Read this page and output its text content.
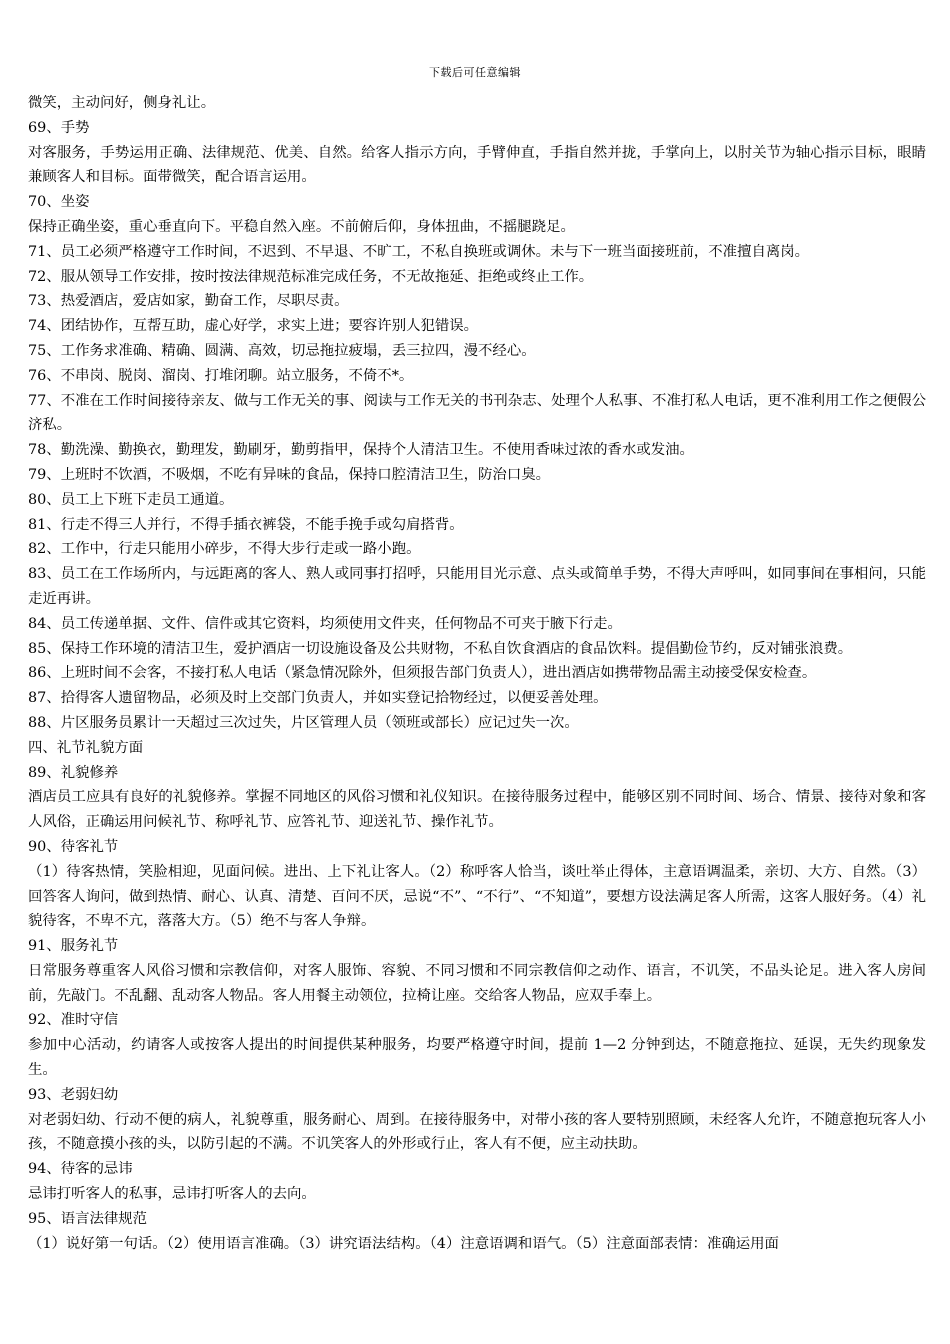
下载后可任意编辑

微笑，主动问好，侧身礼让。

69、手势

对客服务，手势运用正确、法律规范、优美、自然。给客人指示方向，手臂伸直，手指自然并拢，手掌向上，以肘关节为轴心指示目标，眼睛兼顾客人和目标。面带微笑，配合语言运用。

70、坐姿

保持正确坐姿，重心垂直向下。平稳自然入座。不前俯后仰，身体扭曲，不摇腿跷足。

71、员工必须严格遵守工作时间，不迟到、不早退、不旷工，不私自换班或调休。未与下一班当面接班前，不准擅自离岗。

72、服从领导工作安排，按时按法律规范标准完成任务，不无故拖延、拒绝或终止工作。

73、热爱酒店，爱店如家，勤奋工作，尽职尽责。

74、团结协作，互帮互助，虚心好学，求实上进；要容许别人犯错误。

75、工作务求准确、精确、圆满、高效，切忌拖拉疲塌，丢三拉四，漫不经心。

76、不串岗、脱岗、溜岗、打堆闭聊。站立服务，不倚不*。

77、不准在工作时间接待亲友、做与工作无关的事、阅读与工作无关的书刊杂志、处理个人私事、不准打私人电话，更不准利用工作之便假公济私。

78、勤洗澡、勤换衣，勤理发，勤刷牙，勤剪指甲，保持个人清洁卫生。不使用香味过浓的香水或发油。

79、上班时不饮酒，不吸烟，不吃有异味的食品，保持口腔清洁卫生，防治口臭。

80、员工上下班下走员工通道。

81、行走不得三人并行，不得手插衣裤袋，不能手挽手或勾肩搭背。

82、工作中，行走只能用小碎步，不得大步行走或一路小跑。

83、员工在工作场所内，与远距离的客人、熟人或同事打招呼，只能用目光示意、点头或简单手势，不得大声呼叫，如同事间在事相问，只能走近再讲。

84、员工传递单据、文件、信件或其它资料，均须使用文件夹，任何物品不可夹于腋下行走。

85、保持工作环境的清洁卫生，爱护酒店一切设施设备及公共财物，不私自饮食酒店的食品饮料。提倡勤俭节约，反对铺张浪费。

86、上班时间不会客，不接打私人电话（紧急情况除外，但须报告部门负责人），进出酒店如携带物品需主动接受保安检查。

87、拾得客人遗留物品，必须及时上交部门负责人，并如实登记拾物经过，以便妥善处理。

88、片区服务员累计一天超过三次过失，片区管理人员（领班或部长）应记过失一次。

四、礼节礼貌方面

89、礼貌修养

酒店员工应具有良好的礼貌修养。掌握不同地区的风俗习惯和礼仪知识。在接待服务过程中，能够区别不同时间、场合、情景、接待对象和客人风俗，正确运用问候礼节、称呼礼节、应答礼节、迎送礼节、操作礼节。

90、待客礼节

（1）待客热情，笑脸相迎，见面问候。进出、上下礼让客人。（2）称呼客人恰当，谈吐举止得体，主意语调温柔，亲切、大方、自然。（3）回答客人询问，做到热情、耐心、认真、清楚、百问不厌，忌说“不”、“不行”、“不知道”，要想方设法满足客人所需，这客人服好务。（4）礼貌待客，不卑不亢，落落大方。（5）绝不与客人争辩。

91、服务礼节

日常服务尊重客人风俗习惯和宗教信仰，对客人服饰、容貌、不同习惯和不同宗教信仰之动作、语言，不讥笑，不品头论足。进入客人房间前，先敲门。不乱翻、乱动客人物品。客人用餐主动领位，拉椅让座。交给客人物品，应双手奉上。

92、准时守信

参加中心活动，约请客人或按客人提出的时间提供某种服务，均要严格遵守时间，提前 1—2 分钟到达，不随意拖拉、延误，无失约现象发生。

93、老弱妇幼

对老弱妇幼、行动不便的病人，礼貌尊重，服务耐心、周到。在接待服务中，对带小孩的客人要特别照顾，未经客人允许，不随意抱玩客人小孩，不随意摸小孩的头，以防引起的不满。不讥笑客人的外形或行止，客人有不便，应主动扶助。

94、待客的忌讳

忌讳打听客人的私事，忌讳打听客人的去向。

95、语言法律规范

（1）说好第一句话。（2）使用语言准确。（3）讲究语法结构。（4）注意语调和语气。（5）注意面部表情：准确运用面
